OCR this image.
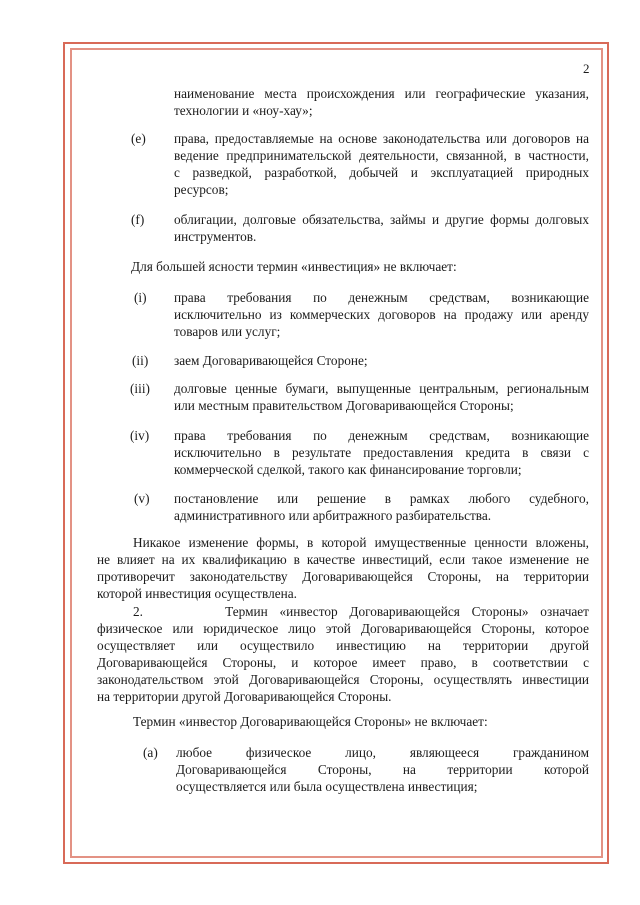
2
наименование места происхождения или географические указания,
технологии и «ноу-хау»;
(e) права, предоставляемые на основе законодательства или договоров на
ведение предпринимательской деятельности, связанной, в частности,
с разведкой, разработкой, добычей и эксплуатацией природных
ресурсов;
(f) облигации, долговые обязательства, займы и другие формы долговых
инструментов.
Для большей ясности термин «инвестиция» не включает:
(i) права требования по денежным средствам, возникающие
исключительно из коммерческих договоров на продажу или аренду
товаров или услуг;
(ii) заем Договаривающейся Стороне;
(iii) долговые ценные бумаги, выпущенные центральным, региональным
или местным правительством Договаривающейся Стороны;
(iv) права требования по денежным средствам, возникающие
исключительно в результате предоставления кредита в связи с
коммерческой сделкой, такого как финансирование торговли;
(v) постановление или решение в рамках любого судебного,
административного или арбитражного разбирательства.
Никакое изменение формы, в которой имущественные ценности вложены,
не влияет на их квалификацию в качестве инвестиций, если такое изменение не
противоречит законодательству Договаривающейся Стороны, на территории
которой инвестиция осуществлена.
2.       Термин «инвестор Договаривающейся Стороны» означает
физическое или юридическое лицо этой Договаривающейся Стороны, которое
осуществляет или осуществило инвестицию на территории другой
Договаривающейся Стороны, и которое имеет право, в соответствии с
законодательством этой Договаривающейся Стороны, осуществлять инвестиции
на территории другой Договаривающейся Стороны.
Термин «инвестор Договаривающейся Стороны» не включает:
(a) любое физическое лицо, являющееся гражданином
Договаривающейся Стороны, на территории которой
осуществляется или была осуществлена инвестиция;
